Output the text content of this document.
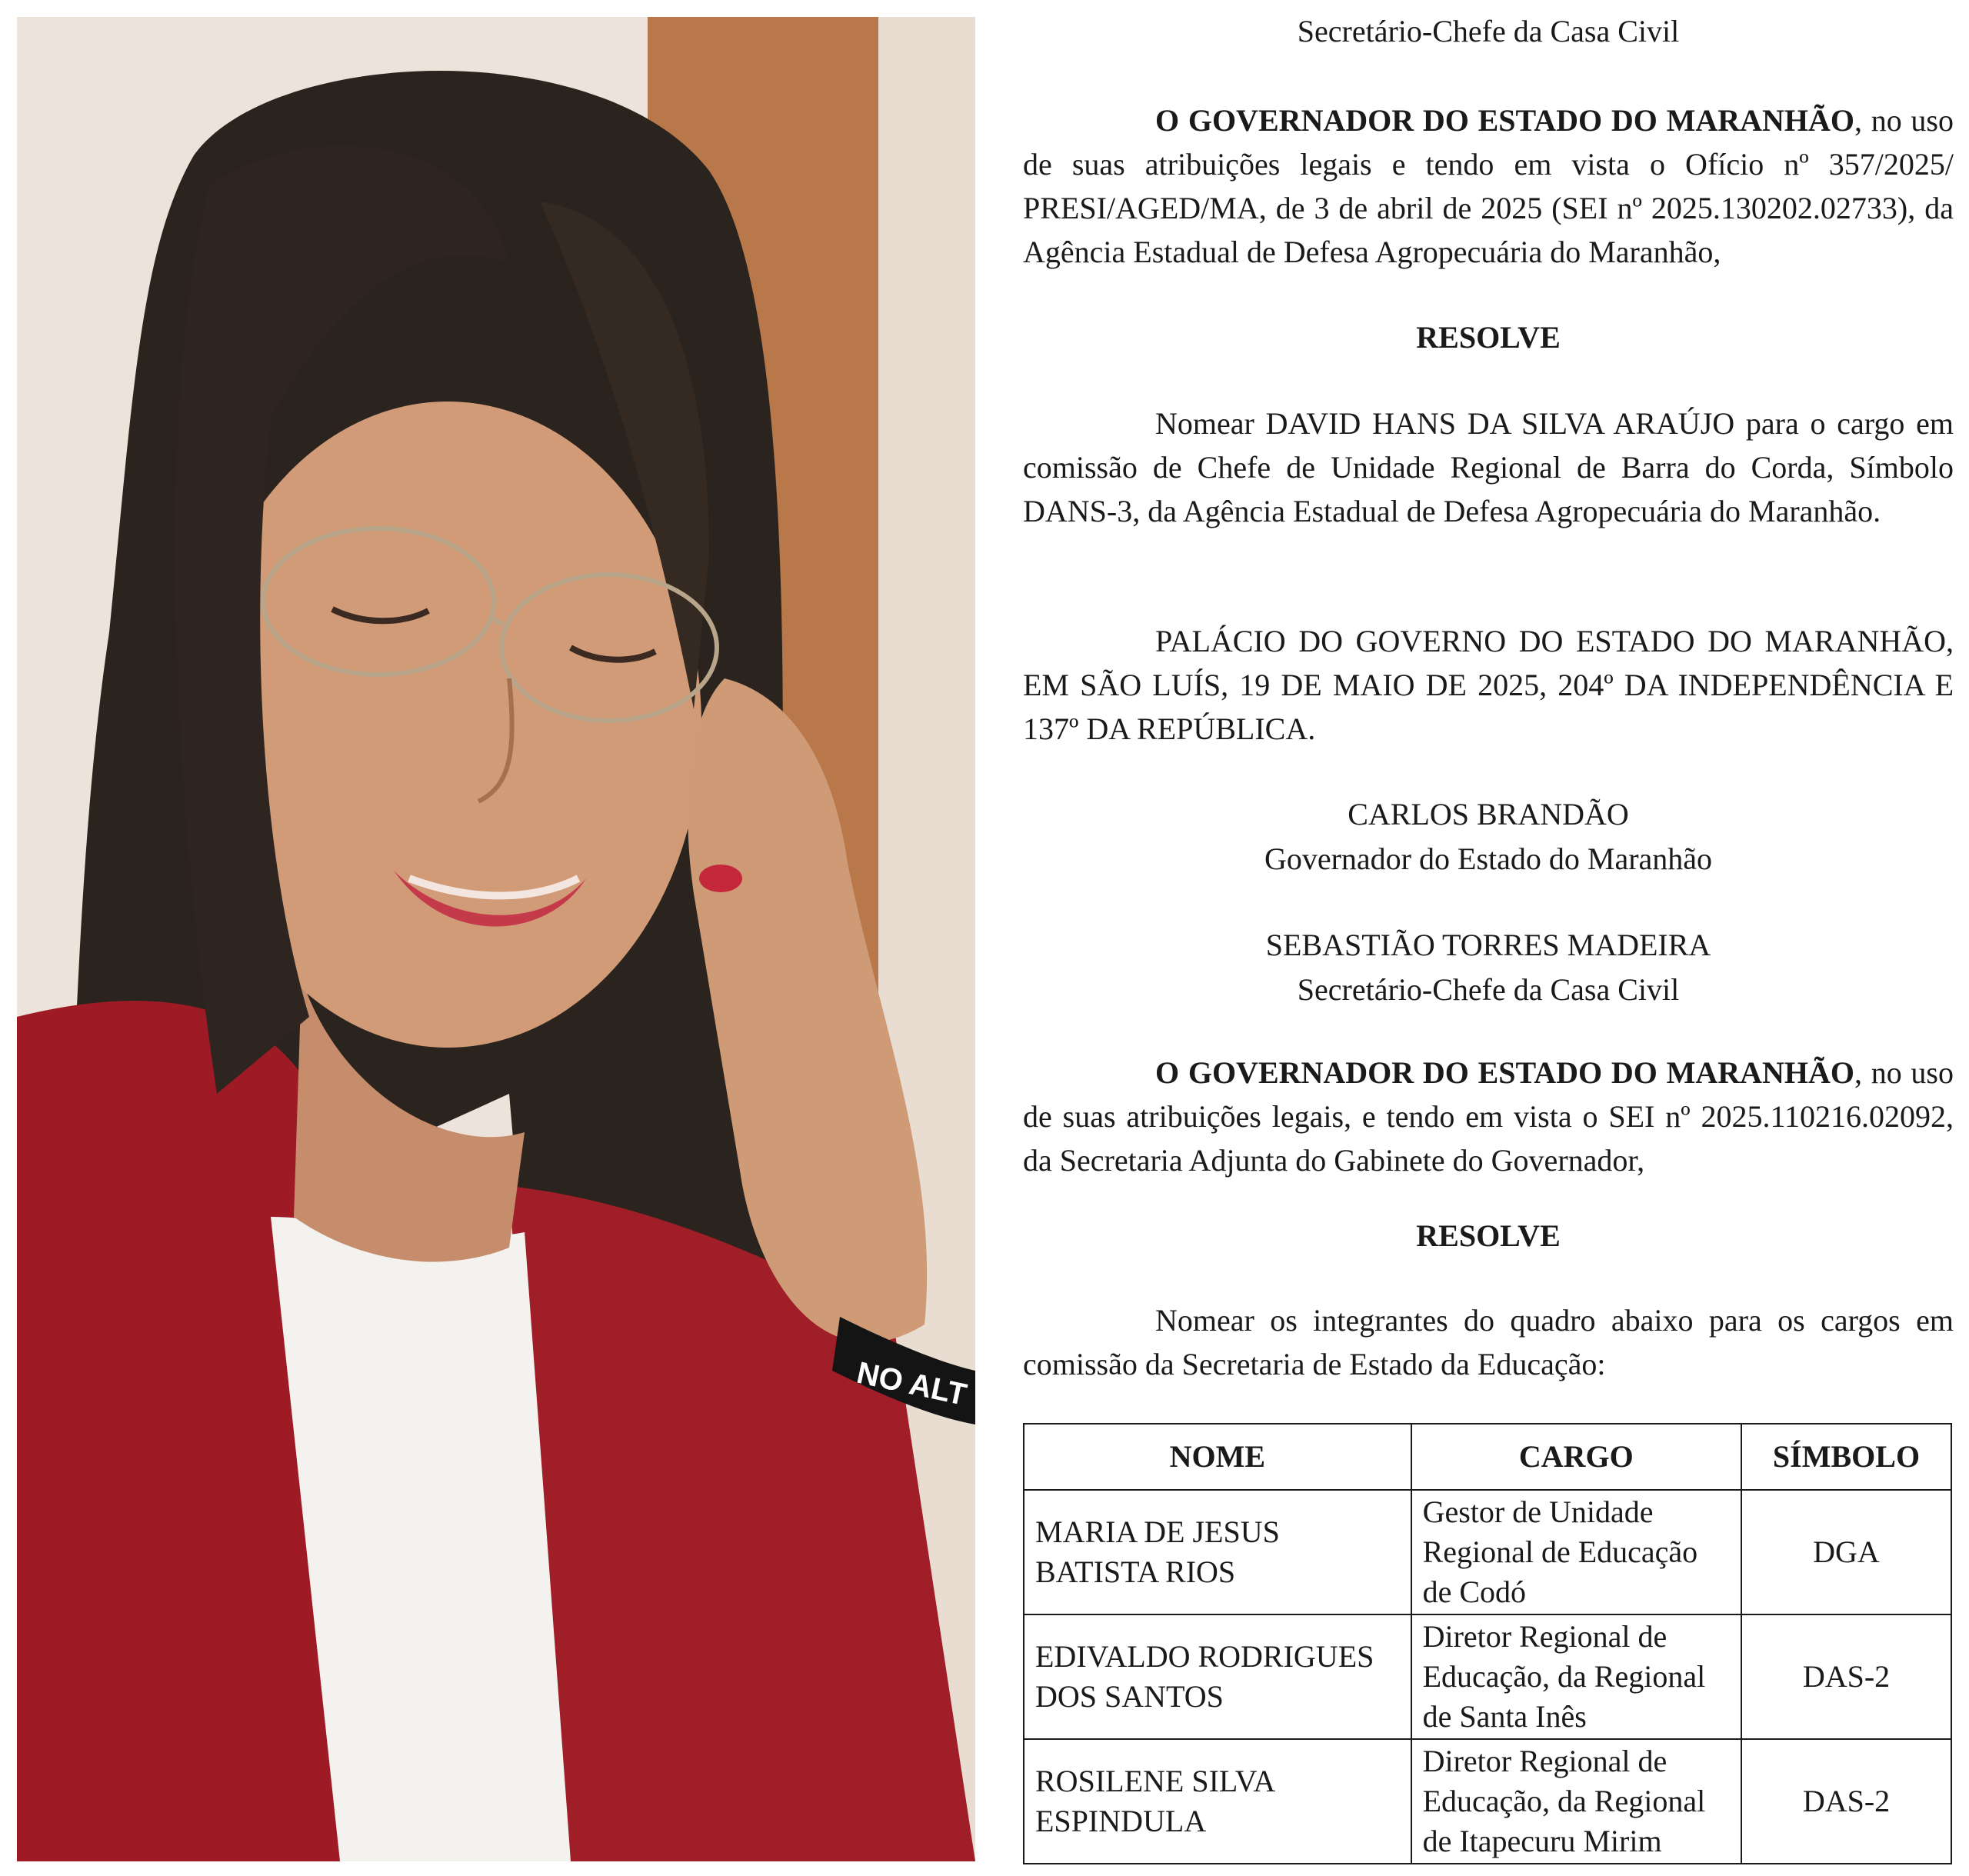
NO ALT

Secretário-Chefe da Casa Civil

O GOVERNADOR DO ESTADO DO MARANHÃO, no uso de suas atribuições legais e tendo em vista o Ofício nº 357/2025/ PRESI/AGED/MA, de 3 de abril de 2025 (SEI nº 2025.130202.02733), da Agência Estadual de Defesa Agropecuária do Maranhão,

RESOLVE

Nomear DAVID HANS DA SILVA ARAÚJO para o cargo em comissão de Chefe de Unidade Regional de Barra do Corda, Símbolo DANS-3, da Agência Estadual de Defesa Agropecuária do Maranhão.

PALÁCIO DO GOVERNO DO ESTADO DO MARANHÃO, EM SÃO LUÍS, 19 DE MAIO DE 2025, 204º DA INDEPENDÊNCIA E 137º DA REPÚBLICA.

CARLOS BRANDÃO

Governador do Estado do Maranhão

SEBASTIÃO TORRES MADEIRA

Secretário-Chefe da Casa Civil

O GOVERNADOR DO ESTADO DO MARANHÃO, no uso de suas atribuições legais, e tendo em vista o SEI nº 2025.110216.02092, da Secretaria Adjunta do Gabinete do Governador,

RESOLVE

Nomear os integrantes do quadro abaixo para os cargos em comissão da Secretaria de Estado da Educação:

NOME	CARGO	SÍMBOLO
MARIA DE JESUS BATISTA RIOS	Gestor de Unidade Regional de Educação de Codó	DGA
EDIVALDO RODRIGUES DOS SANTOS	Diretor Regional de Educação, da Regional de Santa Inês	DAS-2
ROSILENE SILVA ESPINDULA	Diretor Regional de Educação, da Regional de Itapecuru Mirim	DAS-2
